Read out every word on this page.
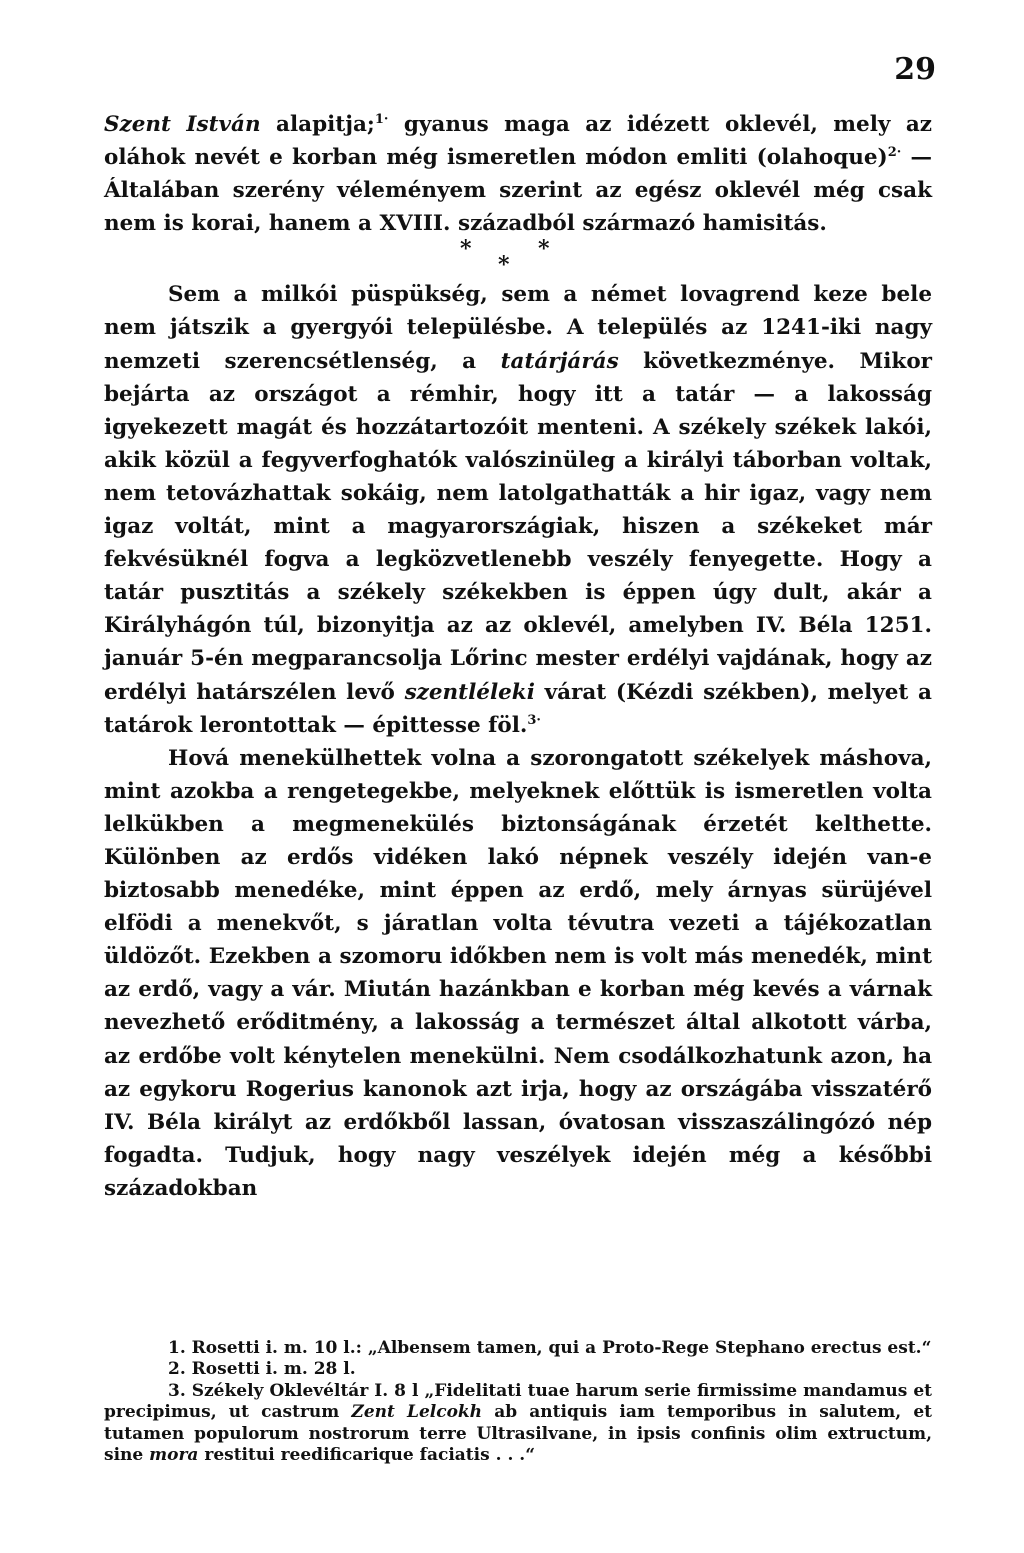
29

Szent István alapitja;$^{1\cdot}$ gyanus maga az idézett oklevél, mely az oláhok nevét e korban még ismeretlen módon emliti (olahoque)$^{2\cdot}$ — Általában szerény véleményem szerint az egész oklevél még csak nem is korai, hanem a XVIII. századból származó hamisitás.

*
*
*

Sem a milkói püspükség, sem a német lovagrend keze bele nem játszik a gyergyói településbe. A település az 1241-iki nagy nemzeti szerencsétlenség, a tatárjárás következménye. Mikor bejárta az országot a rémhir, hogy itt a tatár — a lakosság igyekezett magát és hozzátartozóit menteni. A székely székek lakói, akik közül a fegyverfoghatók valószinüleg a királyi táborban voltak, nem tetovázhattak sokáig, nem latolgathatták a hir igaz, vagy nem igaz voltát, mint a magyarországiak, hiszen a székeket már fekvésüknél fogva a legközvetlenebb veszély fenyegette. Hogy a tatár pusztitás a székely székekben is éppen úgy dult, akár a Királyhágón túl, bizonyitja az az oklevél, amelyben IV. Béla 1251. január 5-én megparancsolja Lőrinc mester erdélyi vajdának, hogy az erdélyi határszélen levő szentléleki várat (Kézdi székben), melyet a tatárok lerontottak — épittesse föl.$^{3\cdot}$

Hová menekülhettek volna a szorongatott székelyek máshova, mint azokba a rengetegekbe, melyeknek előttük is ismeretlen volta lelkükben a megmenekülés biztonságának érzetét kelthette. Különben az erdős vidéken lakó népnek veszély idején van-e biztosabb menedéke, mint éppen az erdő, mely árnyas sürüjével elfödi a menekvőt, s járatlan volta tévutra vezeti a tájékozatlan üldözőt. Ezekben a szomoru időkben nem is volt más menedék, mint az erdő, vagy a vár. Miután hazánkban e korban még kevés a várnak nevezhető erőditmény, a lakosság a természet által alkotott várba, az erdőbe volt kénytelen menekülni. Nem csodálkozhatunk azon, ha az egykoru Rogerius kanonok azt irja, hogy az országába visszatérő IV. Béla királyt az erdőkből lassan, óvatosan visszaszálingózó nép fogadta. Tudjuk, hogy nagy veszélyek idején még a későbbi századokban

1. Rosetti i. m. 10 l.: „Albensem tamen, qui a Proto-Rege Stephano erectus est.“

2. Rosetti i. m. 28 l.

3. Székely Oklevéltár I. 8 l „Fidelitati tuae harum serie firmissime mandamus et precipimus, ut castrum Zent Lelcokh ab antiquis iam temporibus in salutem, et tutamen populorum nostrorum terre Ultrasilvane, in ipsis confinis olim extructum, sine mora restitui reedificarique faciatis . . .“
